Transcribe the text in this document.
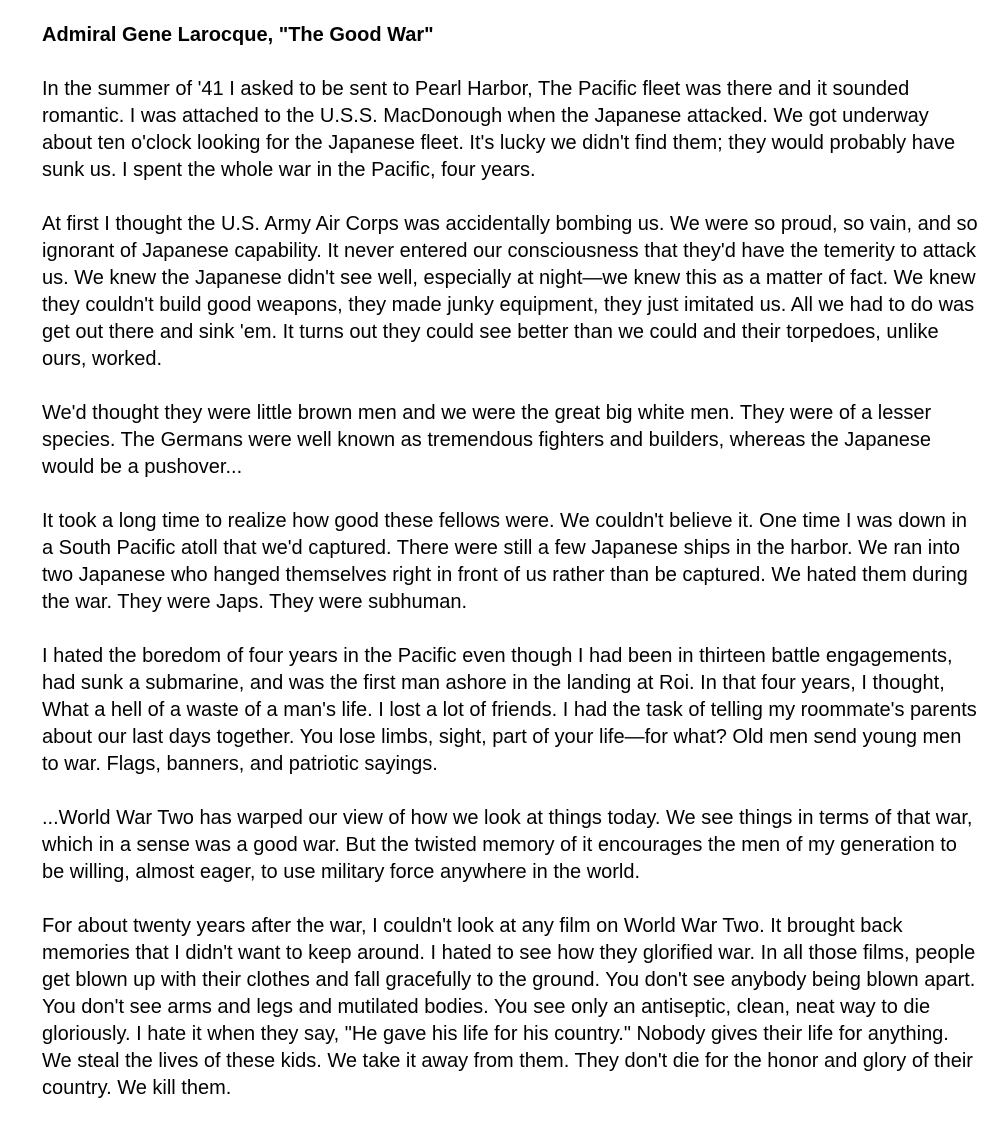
Admiral Gene Larocque, "The Good War"

In the summer of '41 I asked to be sent to Pearl Harbor, The Pacific fleet was there and it sounded romantic. I was attached to the U.S.S. MacDonough when the Japanese attacked. We got underway about ten o'clock looking for the Japanese fleet. It's lucky we didn't find them; they would probably have sunk us. I spent the whole war in the Pacific, four years.

At first I thought the U.S. Army Air Corps was accidentally bombing us. We were so proud, so vain, and so ignorant of Japanese capability. It never entered our consciousness that they'd have the temerity to attack us. We knew the Japanese didn't see well, especially at night—we knew this as a matter of fact. We knew they couldn't build good weapons, they made junky equipment, they just imitated us. All we had to do was get out there and sink 'em. It turns out they could see better than we could and their torpedoes, unlike ours, worked.

We'd thought they were little brown men and we were the great big white men. They were of a lesser species. The Germans were well known as tremendous fighters and builders, whereas the Japanese would be a pushover...

It took a long time to realize how good these fellows were. We couldn't believe it. One time I was down in a South Pacific atoll that we'd captured. There were still a few Japanese ships in the harbor. We ran into two Japanese who hanged themselves right in front of us rather than be captured. We hated them during the war. They were Japs. They were subhuman.

I hated the boredom of four years in the Pacific even though I had been in thirteen battle engagements, had sunk a submarine, and was the first man ashore in the landing at Roi. In that four years, I thought, What a hell of a waste of a man's life. I lost a lot of friends. I had the task of telling my roommate's parents about our last days together. You lose limbs, sight, part of your life—for what? Old men send young men to war. Flags, banners, and patriotic sayings.

...World War Two has warped our view of how we look at things today. We see things in terms of that war, which in a sense was a good war. But the twisted memory of it encourages the men of my generation to be willing, almost eager, to use military force anywhere in the world.

For about twenty years after the war, I couldn't look at any film on World War Two. It brought back memories that I didn't want to keep around. I hated to see how they glorified war. In all those films, people get blown up with their clothes and fall gracefully to the ground. You don't see anybody being blown apart. You don't see arms and legs and mutilated bodies. You see only an antiseptic, clean, neat way to die gloriously. I hate it when they say, "He gave his life for his country." Nobody gives their life for anything. We steal the lives of these kids. We take it away from them. They don't die for the honor and glory of their country. We kill them.
